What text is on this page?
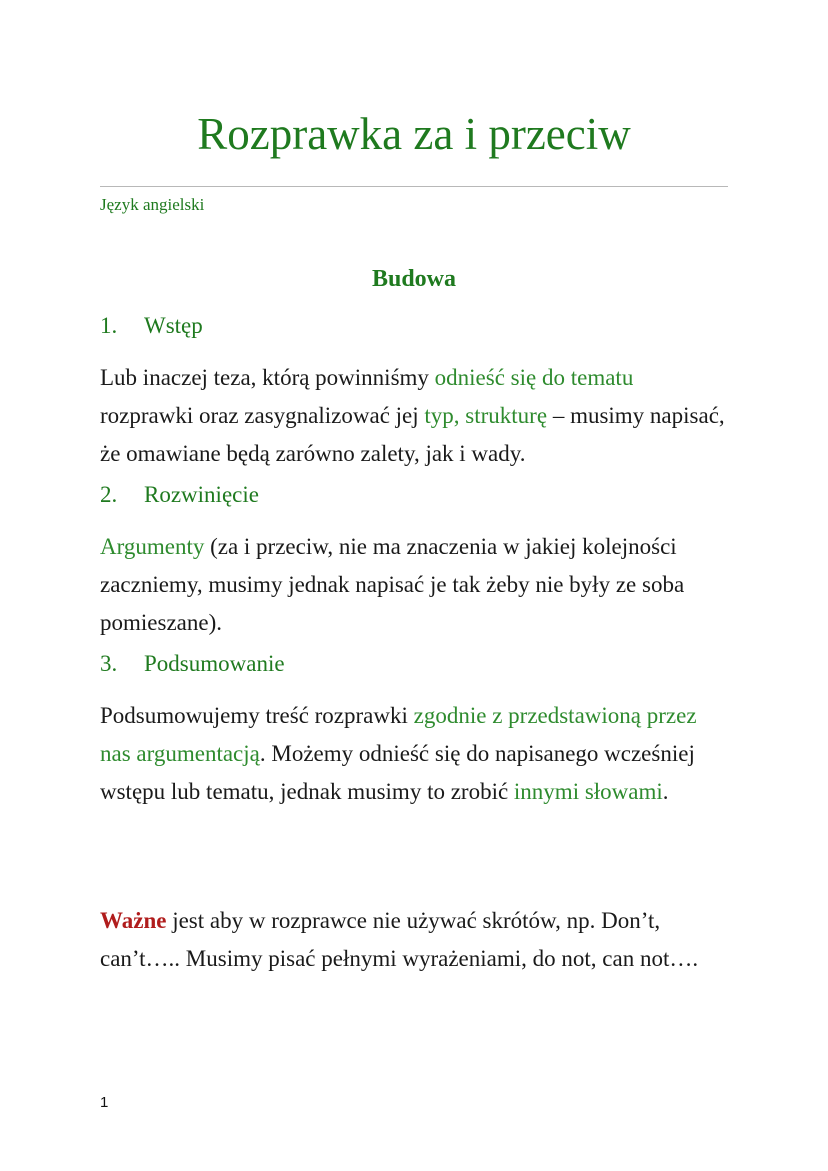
Rozprawka za i przeciw
Język angielski
Budowa
1. Wstęp
Lub inaczej teza, którą powinniśmy odnieść się do tematu rozprawki oraz zasygnalizować jej typ, strukturę – musimy napisać, że omawiane będą zarówno zalety, jak i wady.
2. Rozwinięcie
Argumenty (za i przeciw, nie ma znaczenia w jakiej kolejności zaczniemy, musimy jednak napisać je tak żeby nie były ze soba pomieszane).
3. Podsumowanie
Podsumowujemy treść rozprawki zgodnie z przedstawioną przez nas argumentacją. Możemy odnieść się do napisanego wcześniej wstępu lub tematu, jednak musimy to zrobić innymi słowami.
Ważne jest aby w rozprawce nie używać skrótów, np. Don’t, can’t….. Musimy pisać pełnymi wyrażeniami, do not, can not….
1
